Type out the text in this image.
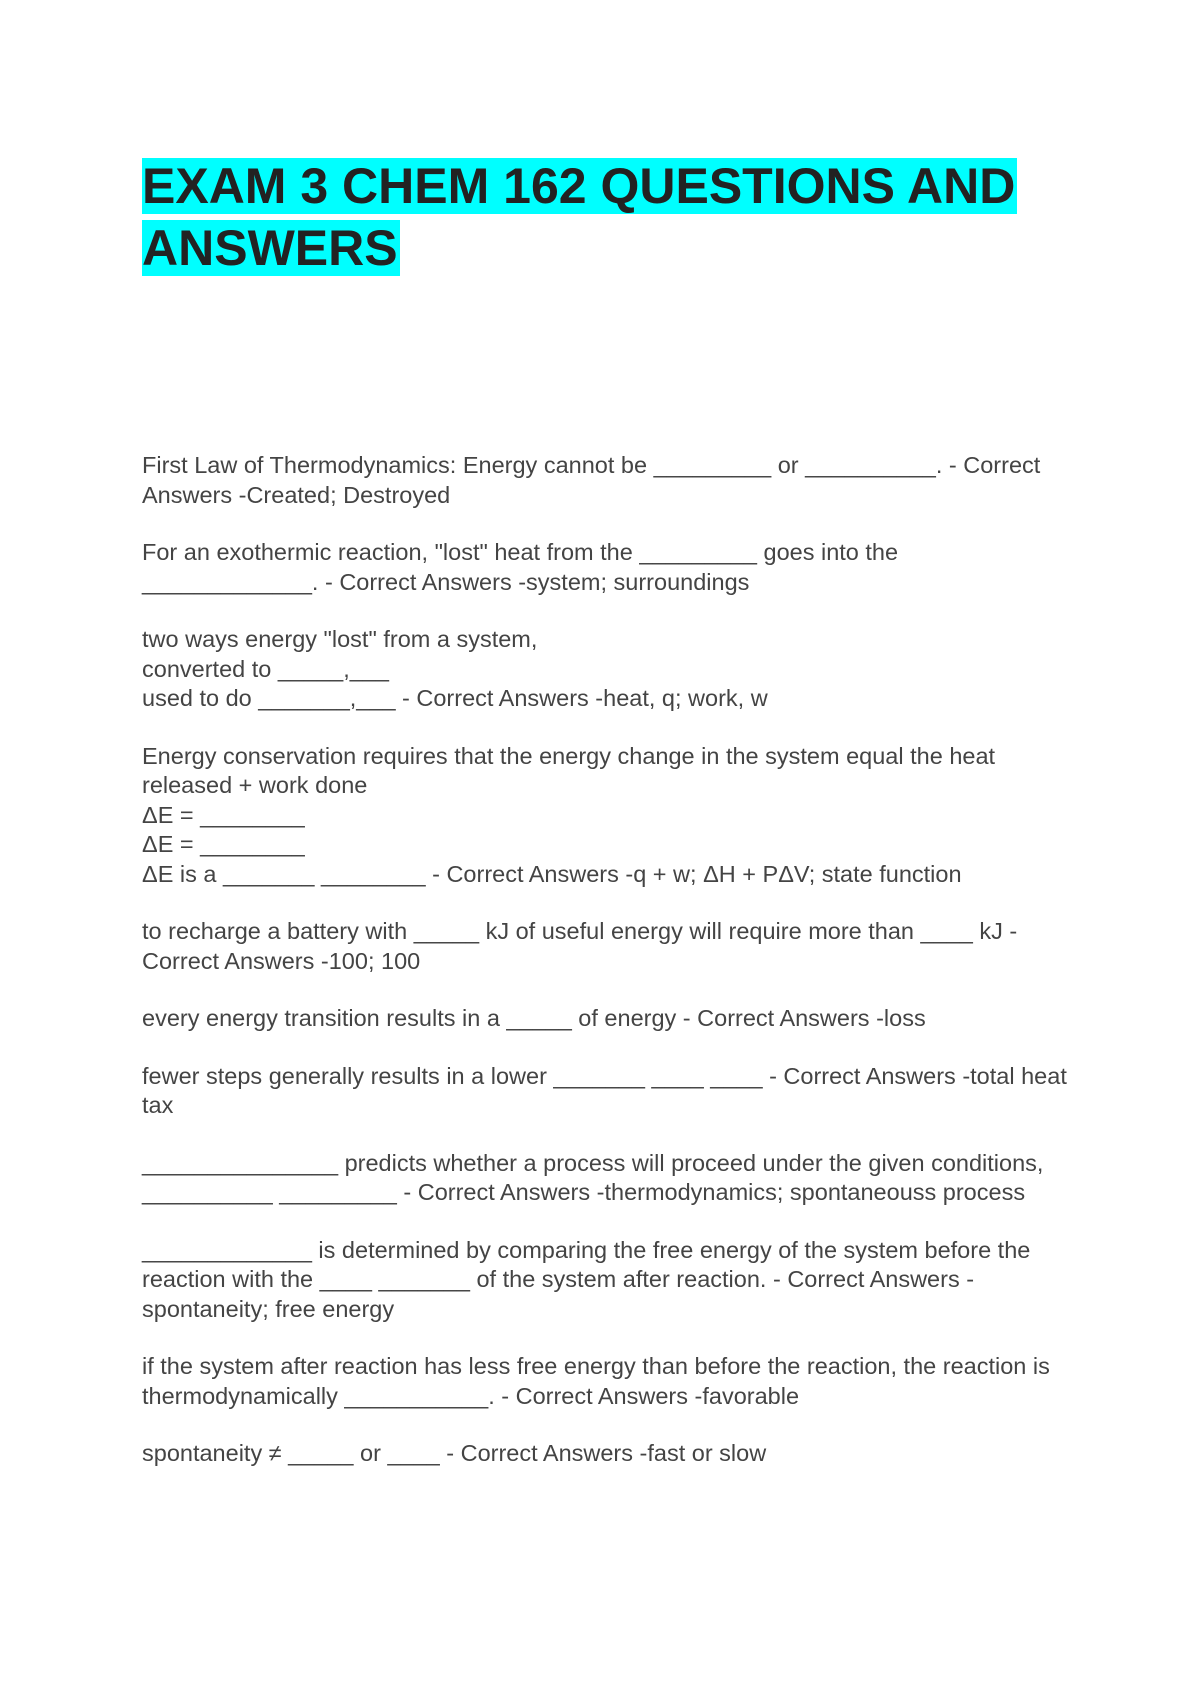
EXAM 3 CHEM 162 QUESTIONS AND ANSWERS

First Law of Thermodynamics: Energy cannot be _________ or __________. - Correct Answers -Created; Destroyed

For an exothermic reaction, "lost" heat from the _________ goes into the _____________. - Correct Answers -system; surroundings

two ways energy "lost" from a system,
converted to _____,___
used to do _______,___ - Correct Answers -heat, q; work, w

Energy conservation requires that the energy change in the system equal the heat released + work done
ΔE = ________
ΔE = ________
ΔE is a _______ ________ - Correct Answers -q + w; ΔH + PΔV; state function

to recharge a battery with _____ kJ of useful energy will require more than ____ kJ - Correct Answers -100; 100

every energy transition results in a _____ of energy - Correct Answers -loss

fewer steps generally results in a lower _______ ____ ____ - Correct Answers -total heat tax

_______________ predicts whether a process will proceed under the given conditions, __________ _________ - Correct Answers -thermodynamics; spontaneouss process

_____________ is determined by comparing the free energy of the system before the reaction with the ____ _______ of the system after reaction. - Correct Answers -spontaneity; free energy

if the system after reaction has less free energy than before the reaction, the reaction is thermodynamically ___________. - Correct Answers -favorable

spontaneity ≠ _____ or ____ - Correct Answers -fast or slow
